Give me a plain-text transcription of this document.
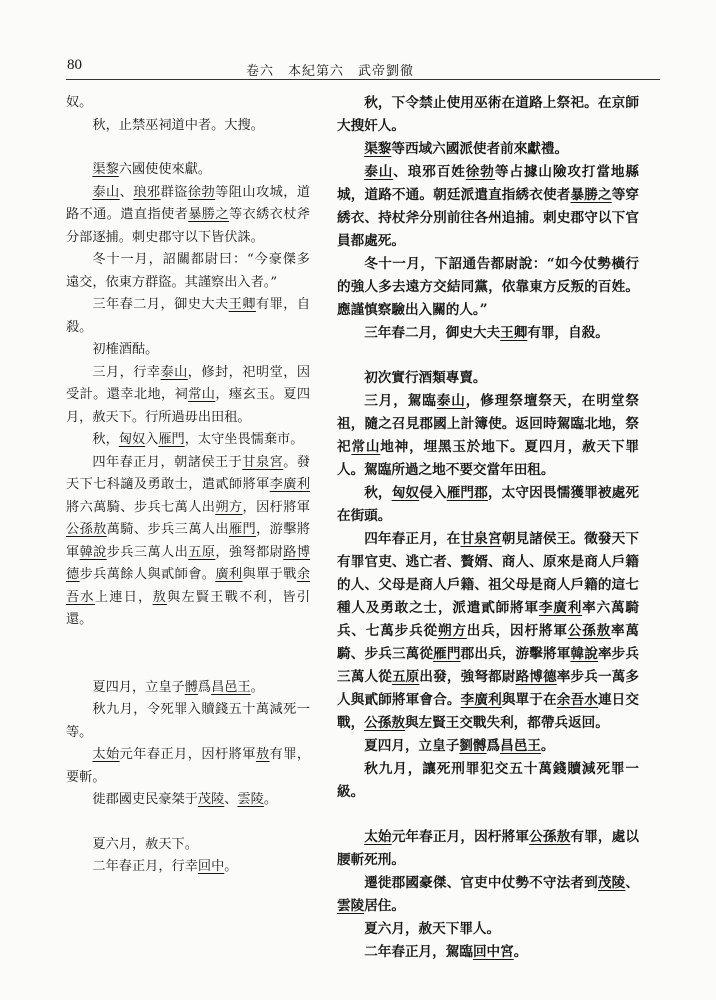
80	卷六　本紀第六　武帝劉徹

奴。

秋，止禁巫祠道中者。大搜。

渠黎六國使使來獻。

泰山、琅邪群盜徐勃等阻山攻城，道路不通。遣直指使者暴勝之等衣綉衣杖斧分部逐捕。刺史郡守以下皆伏誅。

冬十一月，詔關都尉曰：“今豪傑多遠交，依東方群盜。其謹察出入者。”

三年春二月，御史大夫王卿有罪，自殺。

初榷酒酤。

三月，行幸泰山，修封，祀明堂，因受計。還幸北地，祠常山，瘞玄玉。夏四月，赦天下。行所過毋出田租。

秋，匈奴入雁門，太守坐畏懦棄市。

四年春正月，朝諸侯王于甘泉宮。發天下七科讁及勇敢士，遣貳師將軍李廣利將六萬騎、步兵七萬人出朔方，因杅將軍公孫敖萬騎、步兵三萬人出雁門，游擊將軍韓說步兵三萬人出五原，強弩都尉路博德步兵萬餘人與貳師會。廣利與單于戰余吾水上連日，敖與左賢王戰不利，皆引還。

夏四月，立皇子髆爲昌邑王。

秋九月，令死罪入贖錢五十萬減死一等。

太始元年春正月，因杅將軍敖有罪，要斬。

徙郡國吏民豪桀于茂陵、雲陵。

夏六月，赦天下。

二年春正月，行幸回中。

秋，下令禁止使用巫術在道路上祭祀。在京師大搜奸人。

渠黎等西域六國派使者前來獻禮。

泰山、琅邪百姓徐勃等占據山險攻打當地縣城，道路不通。朝廷派遣直指綉衣使者暴勝之等穿綉衣、持杖斧分別前往各州追捕。刺史郡守以下官員都處死。

冬十一月，下詔通告都尉說：“如今仗勢橫行的強人多去遠方交結同黨，依靠東方反叛的百姓。應謹慎察驗出入關的人。”

三年春二月，御史大夫王卿有罪，自殺。

初次實行酒類專賣。

三月，駕臨泰山，修理祭壇祭天，在明堂祭祖，隨之召見郡國上計簿使。返回時駕臨北地，祭祀常山地神，埋黑玉於地下。夏四月，赦天下罪人。駕臨所過之地不要交當年田租。

秋，匈奴侵入雁門郡，太守因畏懦獲罪被處死在街頭。

四年春正月，在甘泉宮朝見諸侯王。徵發天下有罪官吏、逃亡者、贅婿、商人、原來是商人戶籍的人、父母是商人戶籍、祖父母是商人戶籍的這七種人及勇敢之士，派遣貳師將軍李廣利率六萬騎兵、七萬步兵從朔方出兵，因杅將軍公孫敖率萬騎、步兵三萬從雁門郡出兵，游擊將軍韓說率步兵三萬人從五原出發，強弩都尉路博德率步兵一萬多人與貳師將軍會合。李廣利與單于在余吾水連日交戰，公孫敖與左賢王交戰失利，都帶兵返回。

夏四月，立皇子劉髆爲昌邑王。

秋九月，讓死刑罪犯交五十萬錢贖減死罪一級。

太始元年春正月，因杅將軍公孫敖有罪，處以腰斬死刑。

遷徙郡國豪傑、官吏中仗勢不守法者到茂陵、雲陵居住。

夏六月，赦天下罪人。

二年春正月，駕臨回中宮。
